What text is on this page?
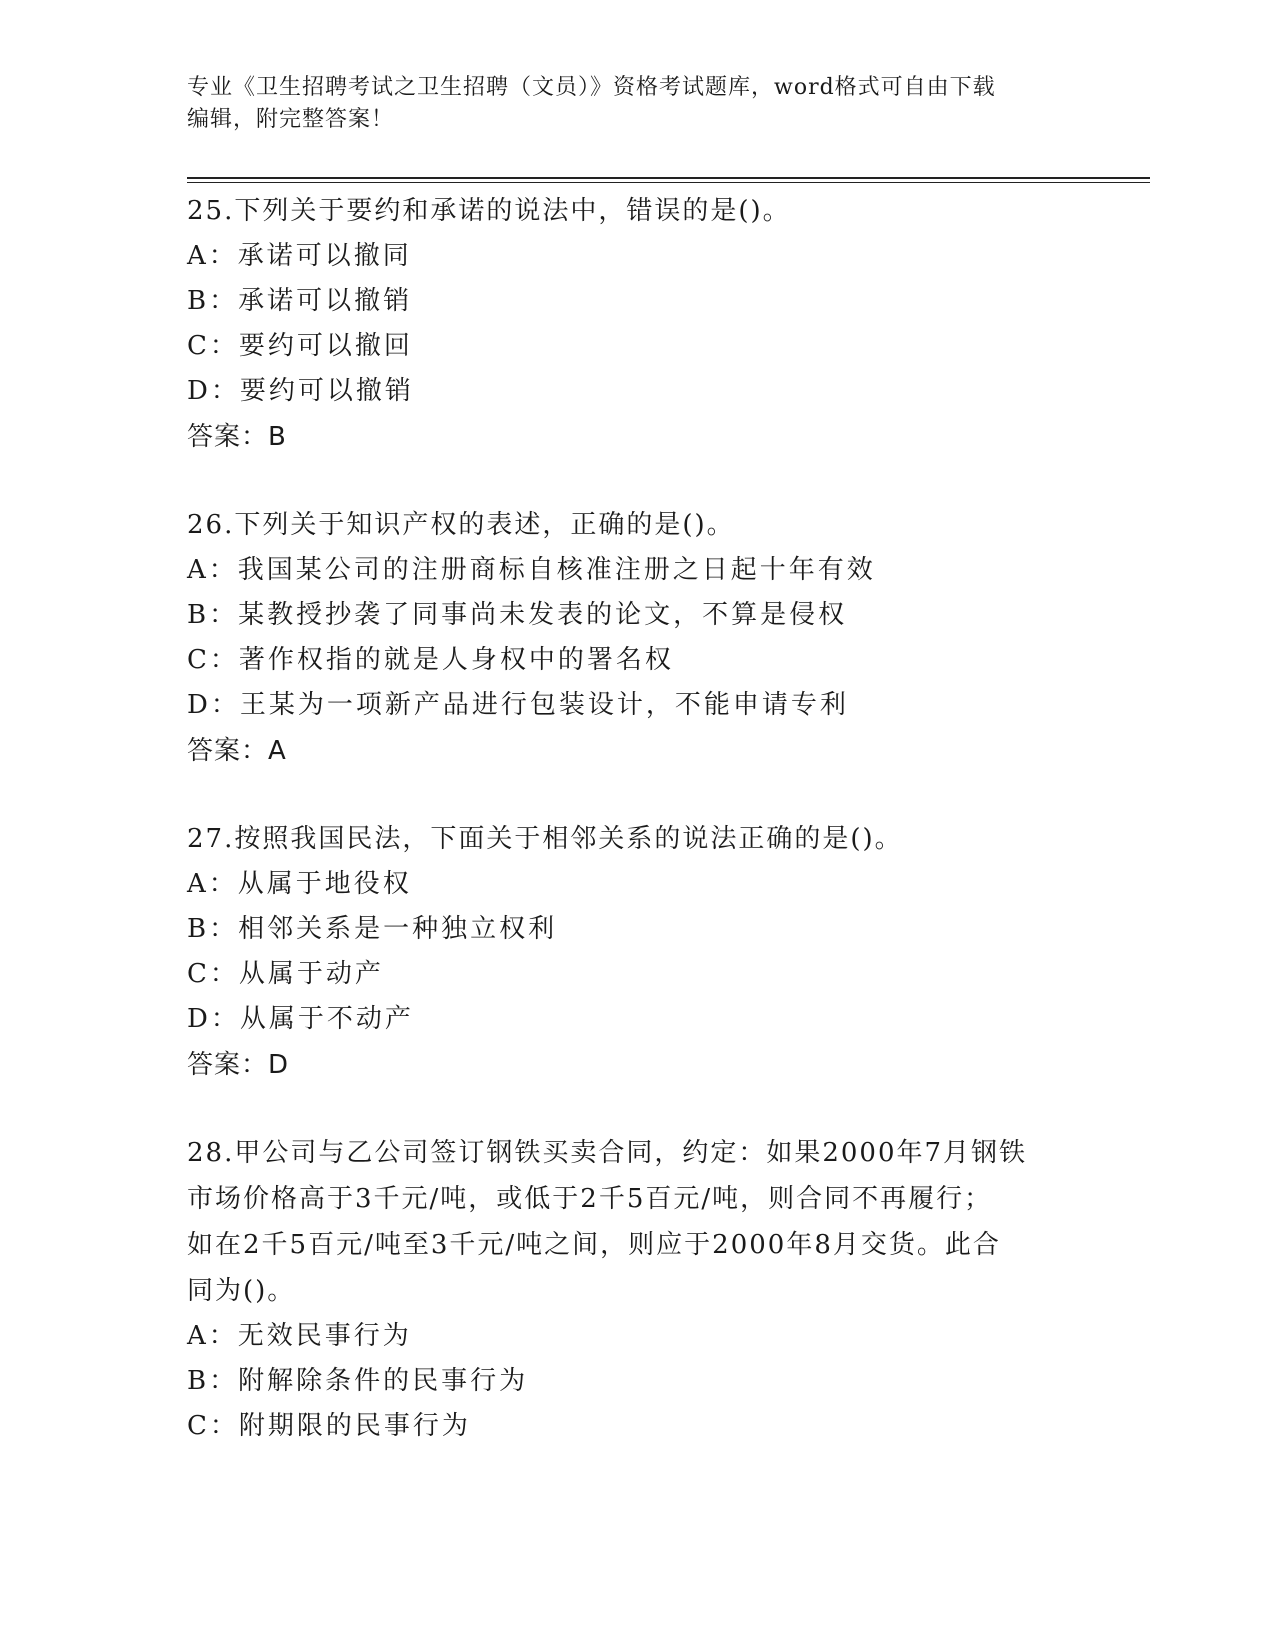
专业《卫生招聘考试之卫生招聘（文员）》资格考试题库，word格式可自由下载
编辑，附完整答案！

25.下列关于要约和承诺的说法中，错误的是()。

A：承诺可以撤同

B：承诺可以撤销

C：要约可以撤回

D：要约可以撤销

答案：B

26.下列关于知识产权的表述，正确的是()。

A：我国某公司的注册商标自核准注册之日起十年有效

B：某教授抄袭了同事尚未发表的论文，不算是侵权

C：著作权指的就是人身权中的署名权

D：王某为一项新产品进行包装设计，不能申请专利

答案：A

27.按照我国民法，下面关于相邻关系的说法正确的是()。

A：从属于地役权

B：相邻关系是一种独立权利

C：从属于动产

D：从属于不动产

答案：D

28.甲公司与乙公司签订钢铁买卖合同，约定：如果2000年7月钢铁

市场价格高于3千元/吨，或低于2千5百元/吨，则合同不再履行；

如在2千5百元/吨至3千元/吨之间，则应于2000年8月交货。此合

同为()。

A：无效民事行为

B：附解除条件的民事行为

C：附期限的民事行为
